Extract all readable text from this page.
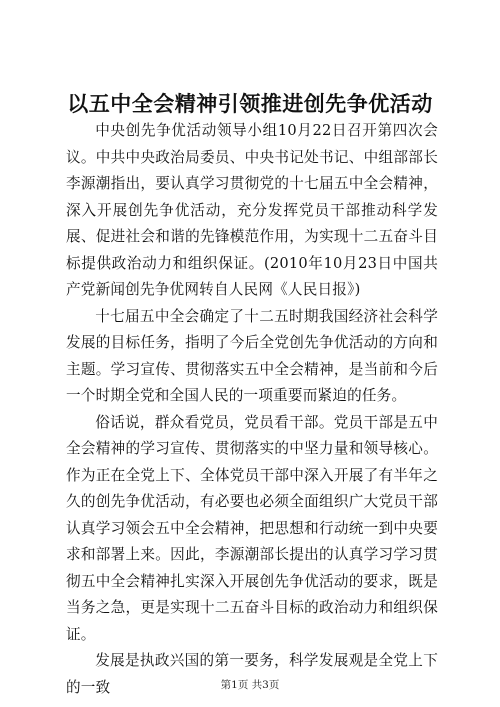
以五中全会精神引领推进创先争优活动

中央创先争优活动领导小组10月22日召开第四次会议。中共中央政治局委员、中央书记处书记、中组部部长李源潮指出，要认真学习贯彻党的十七届五中全会精神，深入开展创先争优活动，充分发挥党员干部推动科学发展、促进社会和谐的先锋模范作用，为实现十二五奋斗目标提供政治动力和组织保证。(2010年10月23日中国共产党新闻创先争优网转自人民网《人民日报》)

十七届五中全会确定了十二五时期我国经济社会科学发展的目标任务，指明了今后全党创先争优活动的方向和主题。学习宣传、贯彻落实五中全会精神，是当前和今后一个时期全党和全国人民的一项重要而紧迫的任务。

俗话说，群众看党员，党员看干部。党员干部是五中全会精神的学习宣传、贯彻落实的中坚力量和领导核心。作为正在全党上下、全体党员干部中深入开展了有半年之久的创先争优活动，有必要也必须全面组织广大党员干部认真学习领会五中全会精神，把思想和行动统一到中央要求和部署上来。因此，李源潮部长提出的认真学习学习贯彻五中全会精神扎实深入开展创先争优活动的要求，既是当务之急，更是实现十二五奋斗目标的政治动力和组织保证。

发展是执政兴国的第一要务，科学发展观是全党上下的一致	第1页 共3页
